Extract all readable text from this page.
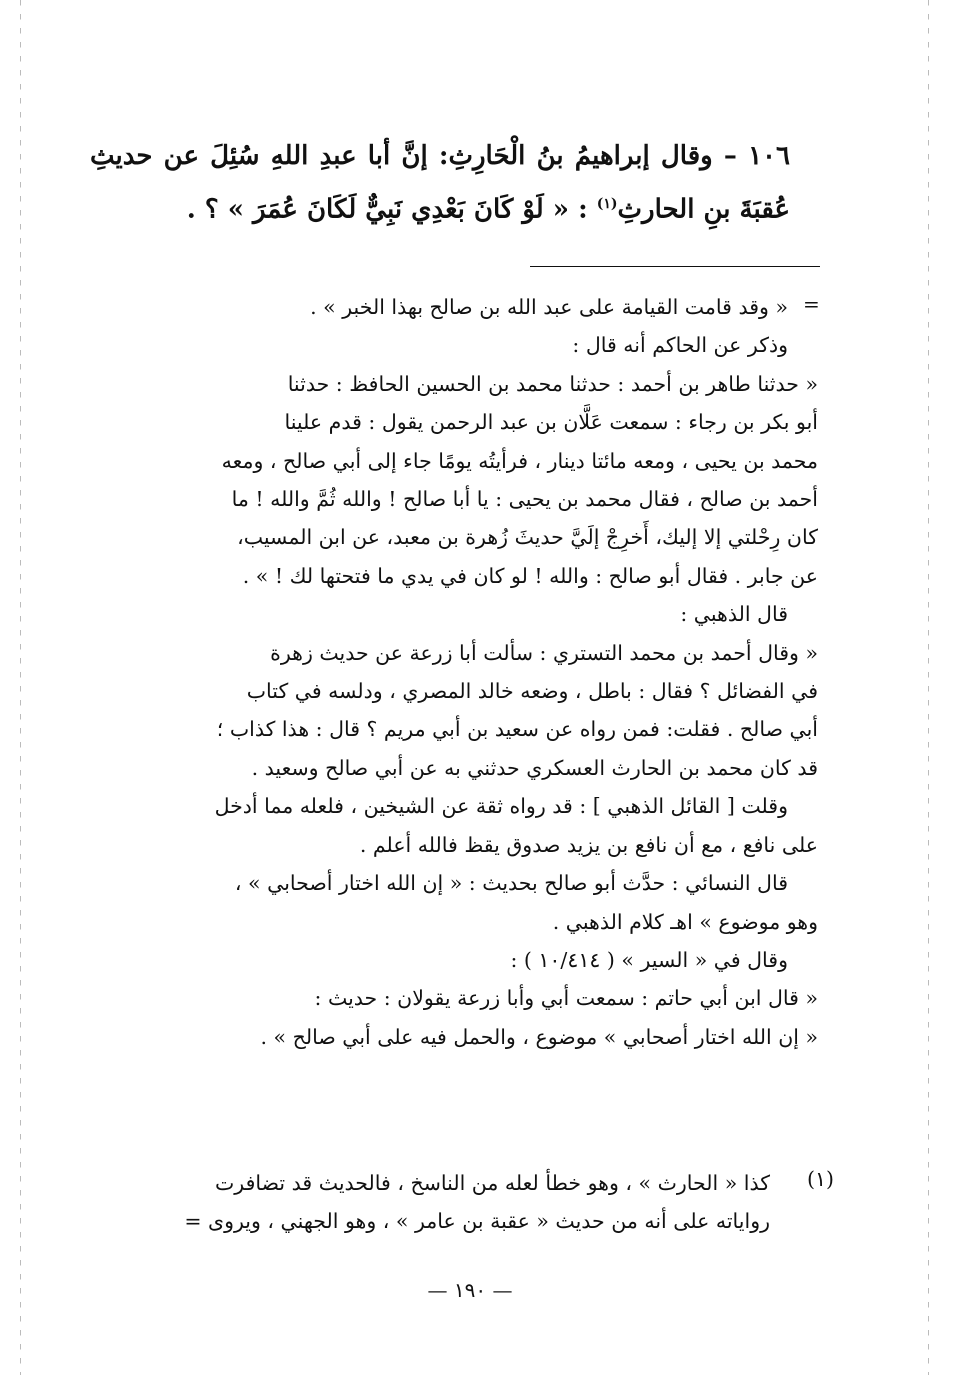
١٠٦ – وقال إبراهيمُ بنُ الْحَارِثِ: إنَّ أبا عبدِ اللهِ سُئِلَ عن حديثِ عُقبَةَ بنِ الحارثِ$^{(١)}$ : « لَوْ كَانَ بَعْدِي نَبِيٌّ لَكَانَ عُمَرَ » ؟ .
=
« وقد قامت القيامة على عبد الله بن صالح بهذا الخبر » .
وذكر عن الحاكم أنه قال :
« حدثنا طاهر بن أحمد : حدثنا محمد بن الحسين الحافظ : حدثنا
أبو بكر بن رجاء : سمعت عَلَّان بن عبد الرحمن يقول : قدم علينا
محمد بن يحيى ، ومعه مائتا دينار ، فرأيتُه يومًا جاء إلى أبي صالح ، ومعه
أحمد بن صالح ، فقال محمد بن يحيى : يا أبا صالح ! والله ثُمَّ والله ! ما
كان رِحْلتي إلا إليك، أَخرِجْ إلَيَّ حديثَ زُهرة بن معبد، عن ابن المسيب،
عن جابر . فقال أبو صالح : والله ! لو كان في يدي ما فتحتها لك ! » .
قال الذهبي :
« وقال أحمد بن محمد التستري : سألت أبا زرعة عن حديث زهرة
في الفضائل ؟ فقال : باطل ، وضعه خالد المصري ، ودلسه في كتاب
أبي صالح . فقلت: فمن رواه عن سعيد بن أبي مريم ؟ قال : هذا كذاب ؛
قد كان محمد بن الحارث العسكري حدثني به عن أبي صالح وسعيد .
وقلت [ القائل الذهبي ] : قد رواه ثقة عن الشيخين ، فلعله مما أدخل
على نافع ، مع أن نافع بن يزيد صدوق يقظ فالله أعلم .
قال النسائي : حدَّث أبو صالح بحديث : « إن الله اختار أصحابي » ،
وهو موضوع » اهـ كلام الذهبي .
وقال في « السير » ( ١٠/٤١٤ ) :
« قال ابن أبي حاتم : سمعت أبي وأبا زرعة يقولان : حديث :
« إن الله اختار أصحابي » موضوع ، والحمل فيه على أبي صالح » .
(١)
كذا « الحارث » ، وهو خطأ لعله من الناسخ ، فالحديث قد تضافرت
رواياته على أنه من حديث « عقبة بن عامر » ، وهو الجهني ، ويروى =
— ١٩٠ —
